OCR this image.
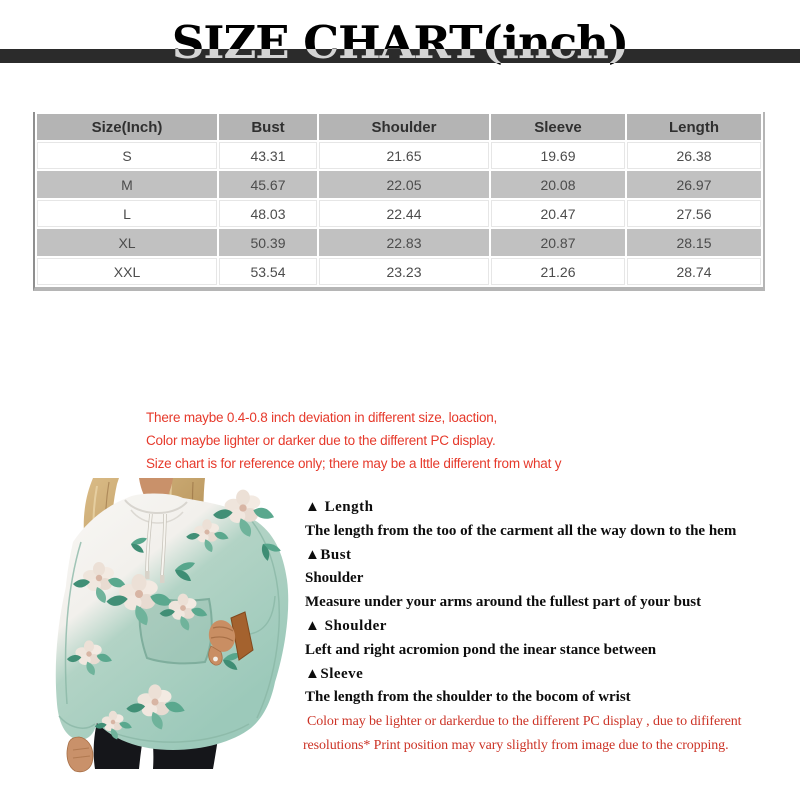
SIZE CHART(inch)
Size(Inch)	Bust	Shoulder	Sleeve	Length
S	43.31	21.65	19.69	26.38
M	45.67	22.05	20.08	26.97
L	48.03	22.44	20.47	27.56
XL	50.39	22.83	20.87	28.15
XXL	53.54	23.23	21.26	28.74
There maybe 0.4-0.8 inch deviation in different size, loaction,
Color maybe lighter or darker due to the different PC display.
Size chart is for reference only; there may be a lttle different from what y
▲ Length
The length from the too of the carment all the way down to the hem
▲Bust
Shoulder
Measure under your arms around the fullest part of your bust
▲ Shoulder
Left and right acromion pond the inear stance between
▲Sleeve
The length from the shoulder to the bocom of wrist
Color may be lighter or darkerdue to the different PC display , due to dififerent
resolutions* Print position may vary slightly from image due to the cropping.
